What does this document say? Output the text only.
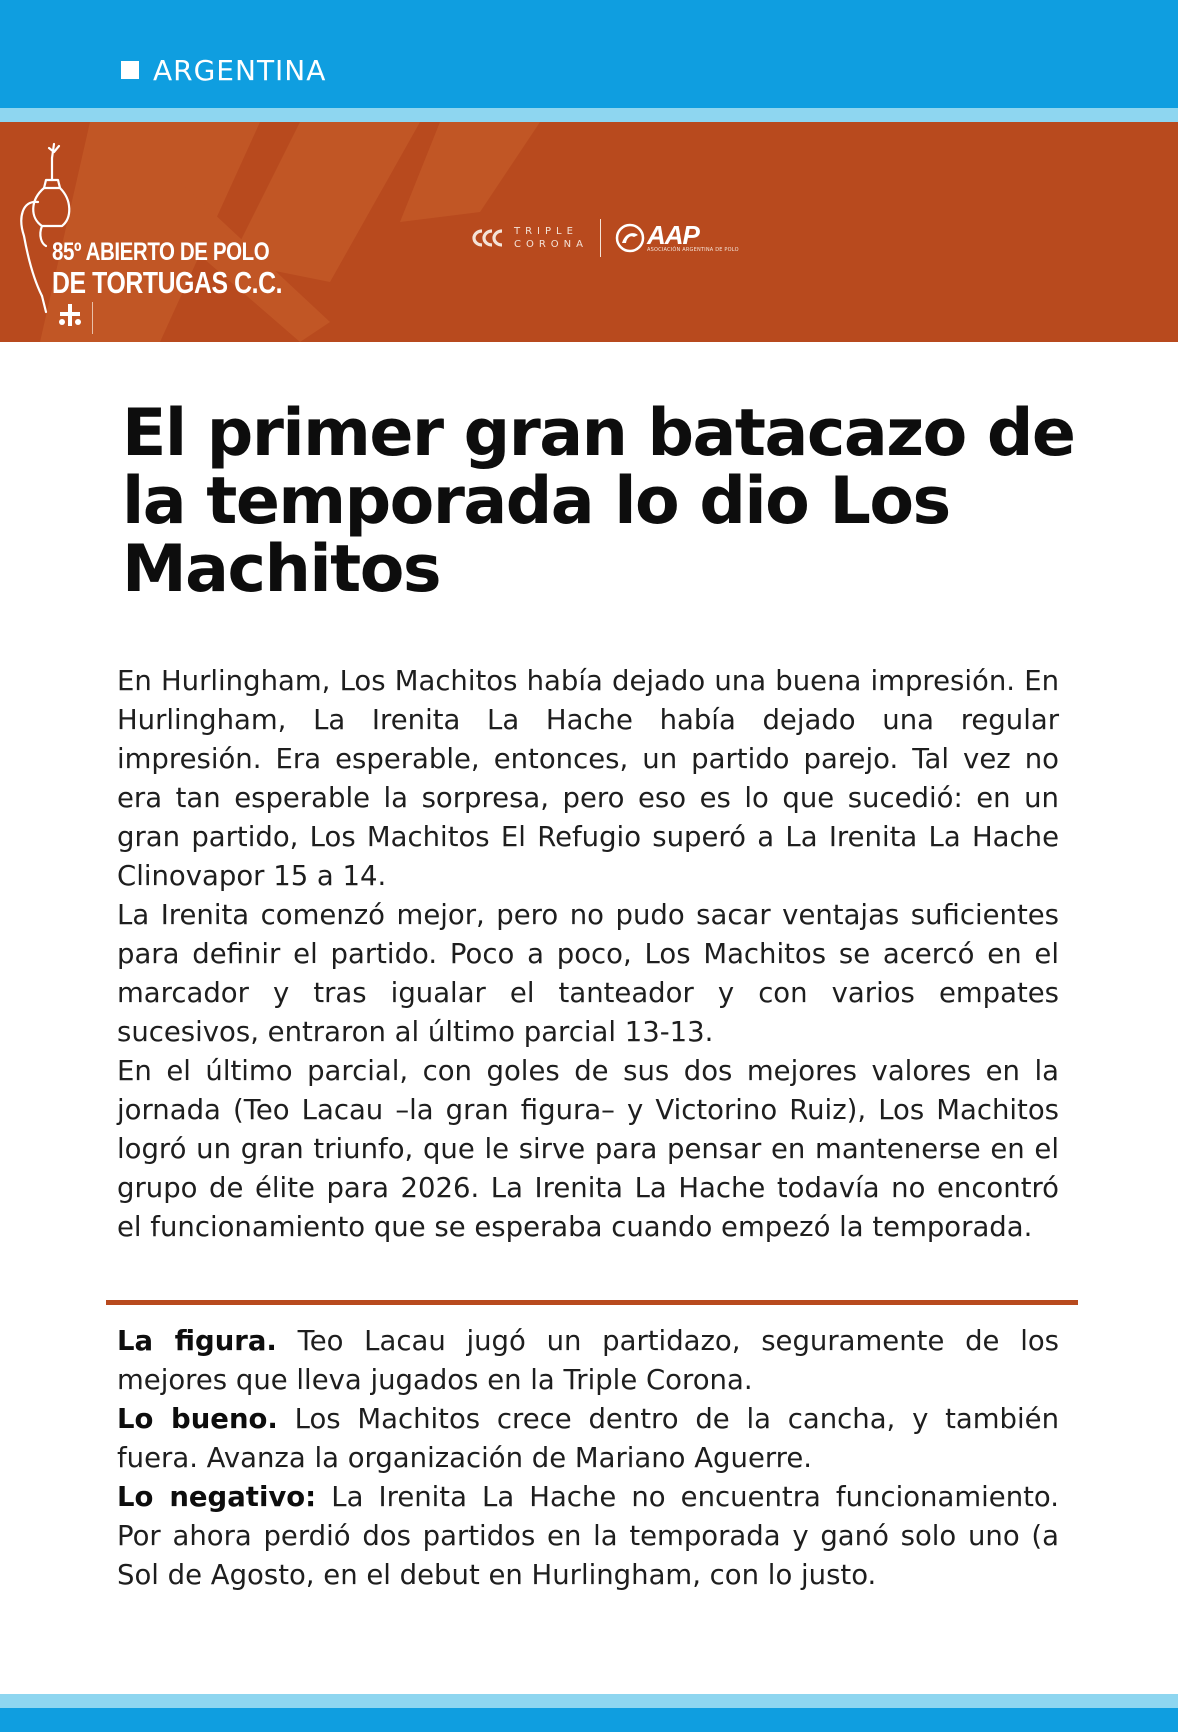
ARGENTINA
85º ABIERTO DE POLO
DE TORTUGAS C.C.
TRIPLE
CORONA AAP
ASOCIACIÓN ARGENTINA DE POLO
El primer gran batacazo de la temporada lo dio Los Machitos

En Hurlingham, Los Machitos había dejado una buena impresión. En Hurlingham, La Irenita La Hache había dejado una regular impresión. Era esperable, entonces, un partido parejo. Tal vez no era tan esperable la sorpresa, pero eso es lo que sucedió: en un gran partido, Los Machitos El Refugio superó a La Irenita La Hache Clinovapor 15 a 14.

La Irenita comenzó mejor, pero no pudo sacar ventajas suficientes para definir el partido. Poco a poco, Los Machitos se acercó en el marcador y tras igualar el tanteador y con varios empates sucesivos, entraron al último parcial 13-13.

En el último parcial, con goles de sus dos mejores valores en la jornada (Teo Lacau –la gran figura– y Victorino Ruiz), Los Machitos logró un gran triunfo, que le sirve para pensar en mantenerse en el grupo de élite para 2026. La Irenita La Hache todavía no encontró el funcionamiento que se esperaba cuando empezó la temporada.

La figura. Teo Lacau jugó un partidazo, seguramente de los mejores que lleva jugados en la Triple Corona.

Lo bueno. Los Machitos crece dentro de la cancha, y también fuera. Avanza la organización de Mariano Aguerre.

Lo negativo: La Irenita La Hache no encuentra funcionamiento. Por ahora perdió dos partidos en la temporada y ganó solo uno (a Sol de Agosto, en el debut en Hurlingham, con lo justo.
